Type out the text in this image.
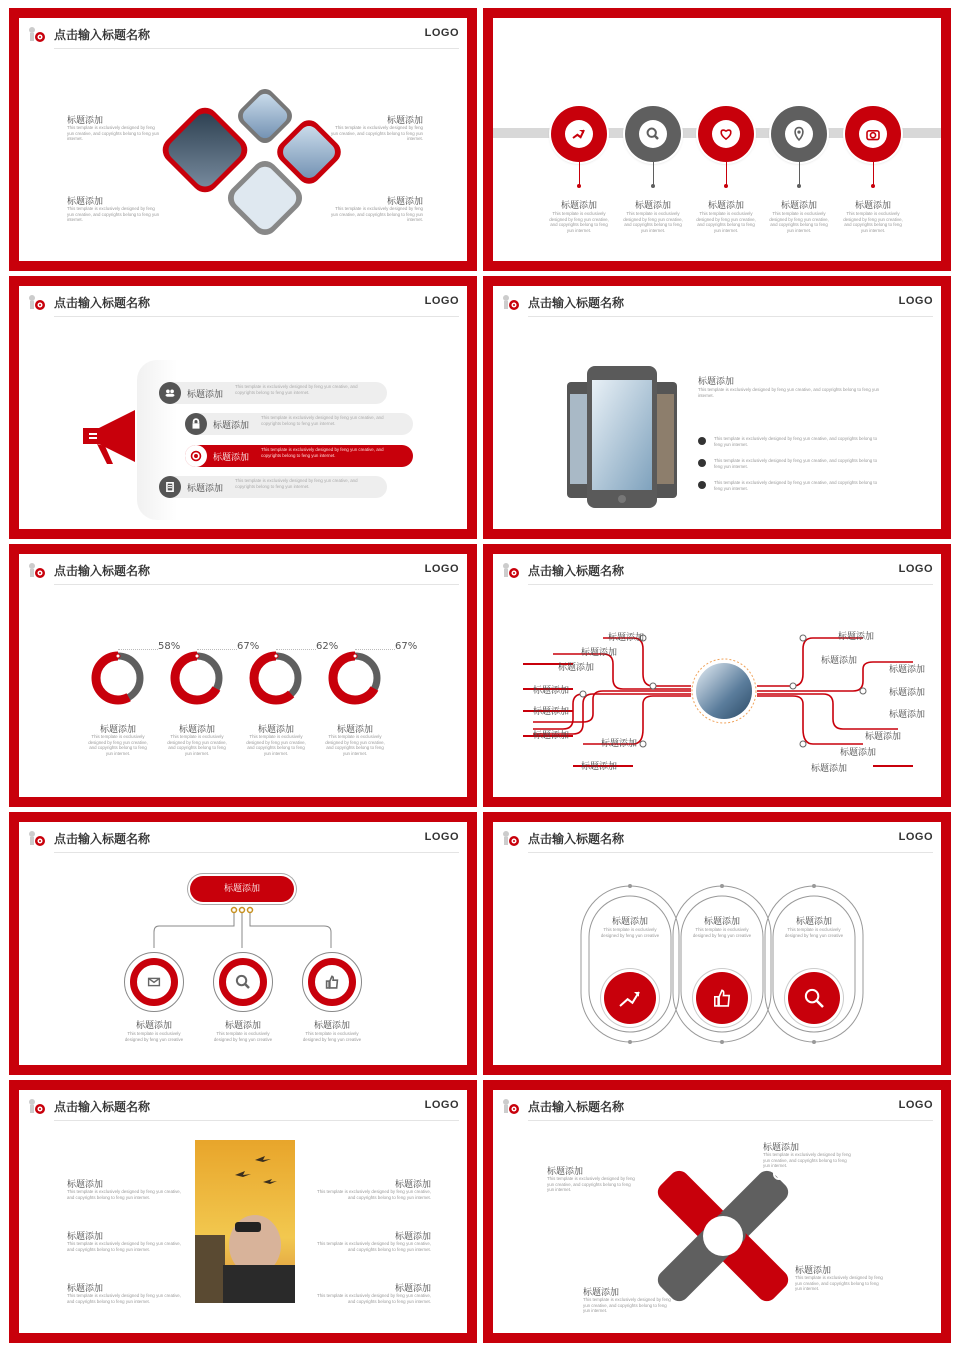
点击输入标题名称	LOGO
标题添加
This template is exclusively designed by feng yun creative, and copyrights belong to feng yun internet.
标题添加
This template is exclusively designed by feng yun creative, and copyrights belong to feng yun internet.
标题添加
This template is exclusively designed by feng yun creative, and copyrights belong to feng yun internet.
标题添加
This template is exclusively designed by feng yun creative, and copyrights belong to feng yun internet.
标题添加
This template is exclusively designed by feng yun creative, and copyrights belong to feng yun internet.
标题添加
This template is exclusively designed by feng yun creative, and copyrights belong to feng yun internet.
标题添加
This template is exclusively designed by feng yun creative, and copyrights belong to feng yun internet.
标题添加
This template is exclusively designed by feng yun creative, and copyrights belong to feng yun internet.
标题添加
This template is exclusively designed by feng yun creative, and copyrights belong to feng yun internet.
点击输入标题名称	LOGO
标题添加
This template is exclusively designed by feng yun creative, and copyrights belong to feng yun internet.
标题添加
This template is exclusively designed by feng yun creative, and copyrights belong to feng yun internet.
标题添加
This template is exclusively designed by feng yun creative, and copyrights belong to feng yun internet.
标题添加
This template is exclusively designed by feng yun creative, and copyrights belong to feng yun internet.
点击输入标题名称	LOGO
标题添加
This template is exclusively designed by feng yun creative, and copyrights belong to feng yun internet.
This template is exclusively designed by feng yun creative, and copyrights belong to feng yun internet.
This template is exclusively designed by feng yun creative, and copyrights belong to feng yun internet.
This template is exclusively designed by feng yun creative, and copyrights belong to feng yun internet.
点击输入标题名称	LOGO
58%
标题添加
This template is exclusively designed by feng yun creative, and copyrights belong to feng yun internet.
67%
标题添加
This template is exclusively designed by feng yun creative, and copyrights belong to feng yun internet.
62%
标题添加
This template is exclusively designed by feng yun creative, and copyrights belong to feng yun internet.
67%
标题添加
This template is exclusively designed by feng yun creative, and copyrights belong to feng yun internet.
点击输入标题名称	LOGO
标题添加
标题添加
标题添加
标题添加
标题添加
标题添加
标题添加
标题添加
标题添加
标题添加
标题添加
标题添加
标题添加
标题添加
标题添加
标题添加
点击输入标题名称	LOGO
标题添加
标题添加
This template is exclusively designed by feng yun creative
标题添加
This template is exclusively designed by feng yun creative
标题添加
This template is exclusively designed by feng yun creative
点击输入标题名称	LOGO
标题添加
This template is exclusively designed by feng yun creative
标题添加
This template is exclusively designed by feng yun creative
标题添加
This template is exclusively designed by feng yun creative
点击输入标题名称	LOGO
标题添加
This template is exclusively designed by feng yun creative, and copyrights belong to feng yun internet.
标题添加
This template is exclusively designed by feng yun creative, and copyrights belong to feng yun internet.
标题添加
This template is exclusively designed by feng yun creative, and copyrights belong to feng yun internet.
标题添加
This template is exclusively designed by feng yun creative, and copyrights belong to feng yun internet.
标题添加
This template is exclusively designed by feng yun creative, and copyrights belong to feng yun internet.
标题添加
This template is exclusively designed by feng yun creative, and copyrights belong to feng yun internet.
点击输入标题名称	LOGO
标题添加
This template is exclusively designed by feng yun creative, and copyrights belong to feng yun internet.
标题添加
This template is exclusively designed by feng yun creative, and copyrights belong to feng yun internet.
标题添加
This template is exclusively designed by feng yun creative, and copyrights belong to feng yun internet.
标题添加
This template is exclusively designed by feng yun creative, and copyrights belong to feng yun internet.
